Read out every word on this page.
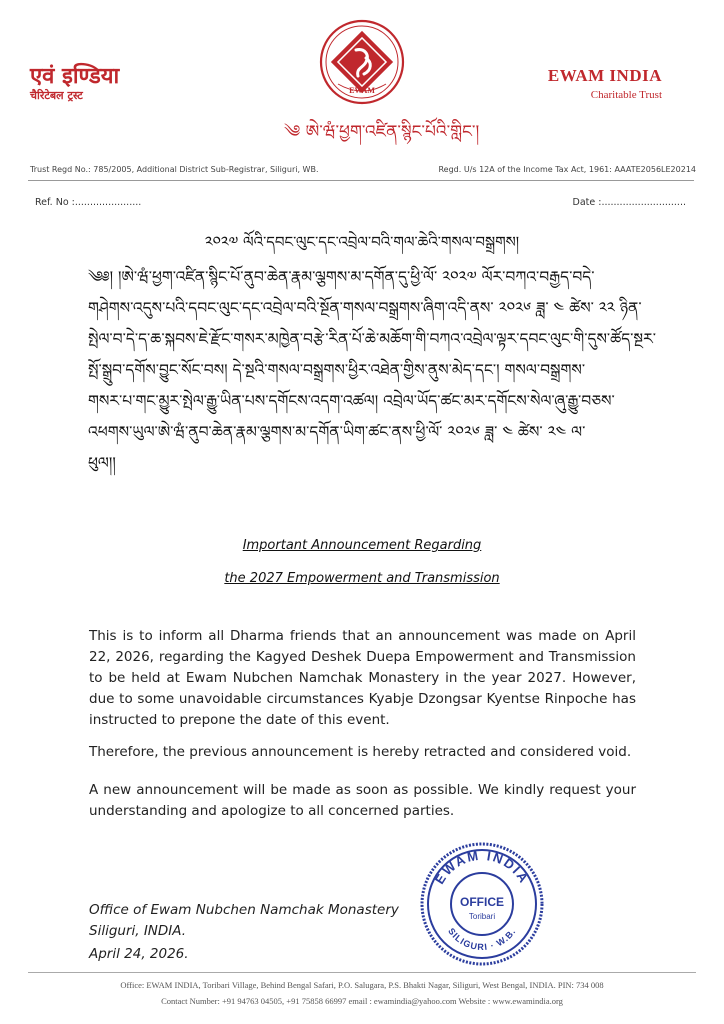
एवं इण्डिया
चैरिटेबल ट्रस्ट	EWAM
༄ ཨེ་ཝཾ་ཕྱག་འཛིན་སྙིང་པོའི་གླིང་།
EWAM INDIA
Charitable Trust
Trust Regd No.: 785/2005, Additional District Sub-Registrar, Siliguri, WB.	Regd. U/s 12A of the Income Tax Act, 1961: AAATE2056LE20214
Ref. No :......................	Date :............................
༢༠༢༧ ལོའི་དབང་ལུང་དང་འབྲེལ་བའི་གལ་ཆེའི་གསལ་བསྒྲགས།
༄༅། །ཨེ་ཝཾ་ཕྱག་འཛིན་སྙིང་པོ་ནུབ་ཆེན་རྣམ་ལྕགས་མ་དགོན་དུ་ཕྱི་ལོ་ ༢༠༢༧ ལོར་བཀའ་བརྒྱད་བདེ་
གཤེགས་འདུས་པའི་དབང་ལུང་དང་འབྲེལ་བའི་སྔོན་གསལ་བསྒྲགས་ཞིག་འདི་ནས་ ༢༠༢༦ ཟླ་ ༤ ཚེས་ ༢༢ ཉིན་
སྤེལ་བ་དེ་ད་ཆ་སྐབས་ཇེ་རྫོང་གསར་མཁྱེན་བརྩེ་རིན་པོ་ཆེ་མཆོག་གི་བཀའ་འབྲེལ་ལྟར་དབང་ལུང་གི་དུས་ཚོད་སྔར་
སྤོ་སྒྲུབ་དགོས་བྱུང་སོང་བས། དེ་སྔའི་གསལ་བསྒྲགས་ཕྱིར་འཐེན་གྱིས་ནུས་མེད་དང་། གསལ་བསྒྲགས་
གསར་པ་གང་མྱུར་སྤེལ་རྒྱུ་ཡིན་པས་དགོངས་འདག་འཚལ། འབྲེལ་ཡོད་ཚང་མར་དགོངས་སེལ་ཞུ་རྒྱུ་བཅས་
འཕགས་ཡུལ་ཨེ་ཝཾ་ནུབ་ཆེན་རྣམ་ལྕགས་མ་དགོན་ཡིག་ཚང་ནས་ཕྱི་ལོ་ ༢༠༢༦ ཟླ་ ༤ ཚེས་ ༢༤ ལ་
ཕུལ།།
Important Announcement Regarding
the 2027 Empowerment and Transmission
This is to inform all Dharma friends that an announcement was made on April 22, 2026, regarding the Kagyed Deshek Duepa Empowerment and Transmission to be held at Ewam Nubchen Namchak Monastery in the year 2027. However, due to some unavoidable circumstances Kyabje Dzongsar Kyentse Rinpoche has instructed to prepone the date of this event.
Therefore, the previous announcement is hereby retracted and considered void.
A new announcement will be made as soon as possible. We kindly request your understanding and apologize to all concerned parties.
Office of Ewam Nubchen Namchak Monastery
Siliguri, INDIA.
April 24, 2026.
EWAM INDIA
SILIGURI · W.B.
OFFICE
Toribari
Office: EWAM INDIA, Toribari Village, Behind Bengal Safari, P.O. Salugara, P.S. Bhakti Nagar, Siliguri, West Bengal, INDIA. PIN: 734 008
Contact Number: +91 94763 04505, +91 75858 66997 email : ewamindia@yahoo.com Website : www.ewamindia.org
